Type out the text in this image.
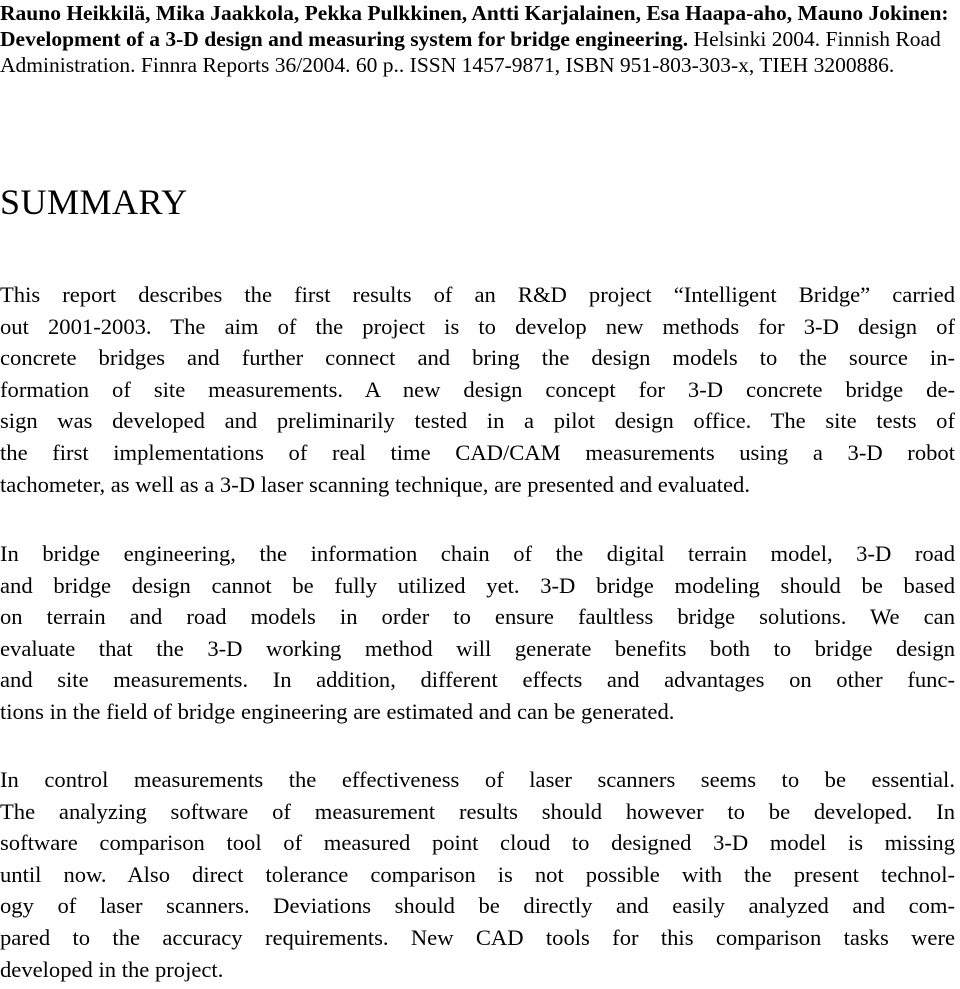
Rauno Heikkilä, Mika Jaakkola, Pekka Pulkkinen, Antti Karjalainen, Esa Haapa-aho, Mauno Jokinen: Development of a 3-D design and measuring system for bridge engineering. Helsinki 2004. Finnish Road Administration. Finnra Reports 36/2004. 60 p.. ISSN 1457-9871, ISBN 951-803-303-x, TIEH 3200886.
SUMMARY
This report describes the first results of an R&D project “Intelligent Bridge” carried
out 2001-2003. The aim of the project is to develop new methods for 3-D design of
concrete bridges and further connect and bring the design models to the source in-
formation of site measurements. A new design concept for 3-D concrete bridge de-
sign was developed and preliminarily tested in a pilot design office. The site tests of
the first implementations of real time CAD/CAM measurements using a 3-D robot
tachometer, as well as a 3-D laser scanning technique, are presented and evaluated.
In bridge engineering, the information chain of the digital terrain model, 3-D road
and bridge design cannot be fully utilized yet. 3-D bridge modeling should be based
on terrain and road models in order to ensure faultless bridge solutions. We can
evaluate that the 3-D working method will generate benefits both to bridge design
and site measurements. In addition, different effects and advantages on other func-
tions in the field of bridge engineering are estimated and can be generated.
In control measurements the effectiveness of laser scanners seems to be essential.
The analyzing software of measurement results should however to be developed. In
software comparison tool of measured point cloud to designed 3-D model is missing
until now. Also direct tolerance comparison is not possible with the present technol-
ogy of laser scanners. Deviations should be directly and easily analyzed and com-
pared to the accuracy requirements. New CAD tools for this comparison tasks were
developed in the project.
